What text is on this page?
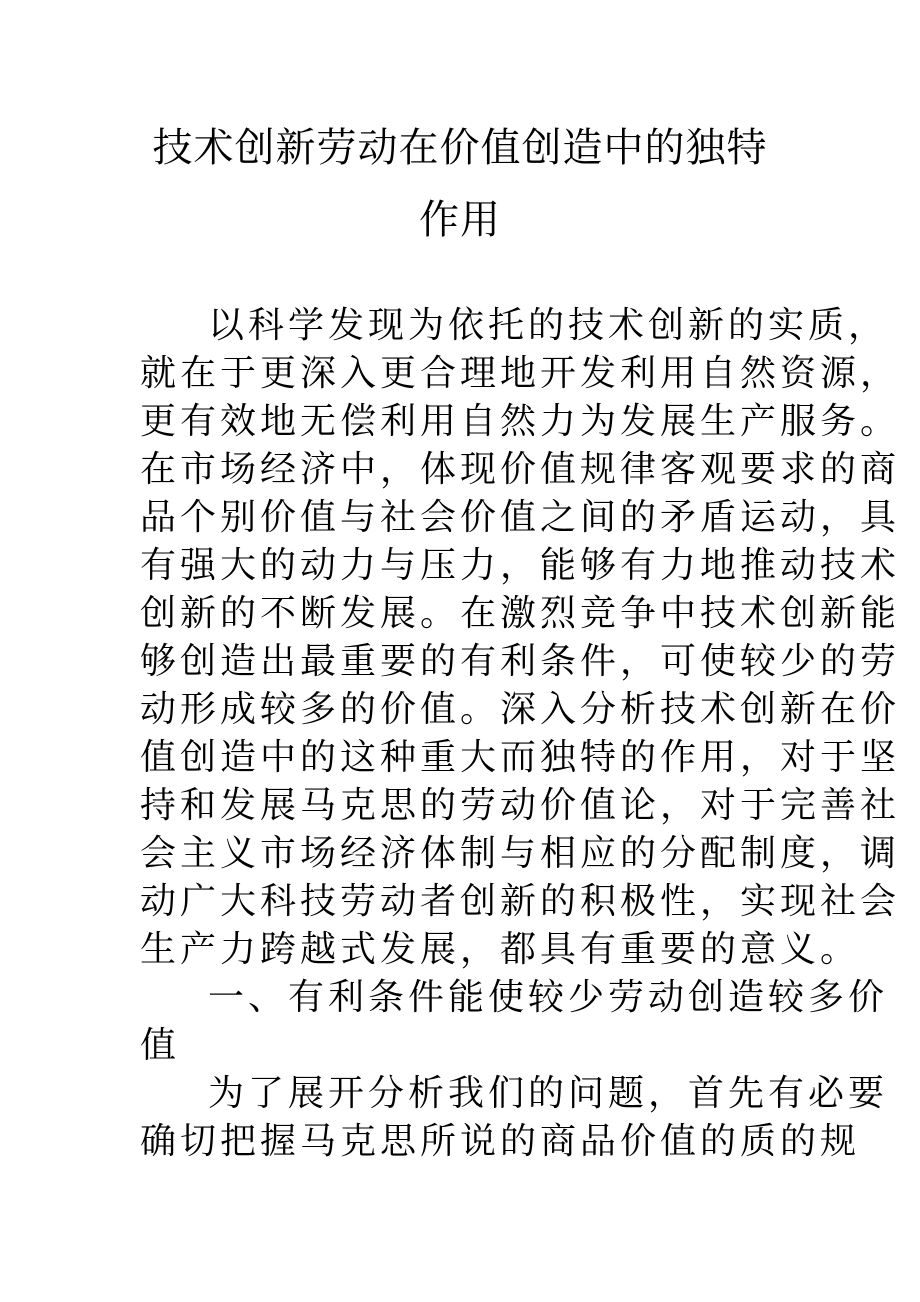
技术创新劳动在价值创造中的独特
作用
以科学发现为依托的技术创新的实质，
就在于更深入更合理地开发利用自然资源，
更有效地无偿利用自然力为发展生产服务。
在市场经济中，体现价值规律客观要求的商
品个别价值与社会价值之间的矛盾运动，具
有强大的动力与压力，能够有力地推动技术
创新的不断发展。在激烈竞争中技术创新能
够创造出最重要的有利条件，可使较少的劳
动形成较多的价值。深入分析技术创新在价
值创造中的这种重大而独特的作用，对于坚
持和发展马克思的劳动价值论，对于完善社
会主义市场经济体制与相应的分配制度，调
动广大科技劳动者创新的积极性，实现社会
生产力跨越式发展，都具有重要的意义。
一、有利条件能使较少劳动创造较多价
值
为了展开分析我们的问题，首先有必要
确切把握马克思所说的商品价值的质的规
